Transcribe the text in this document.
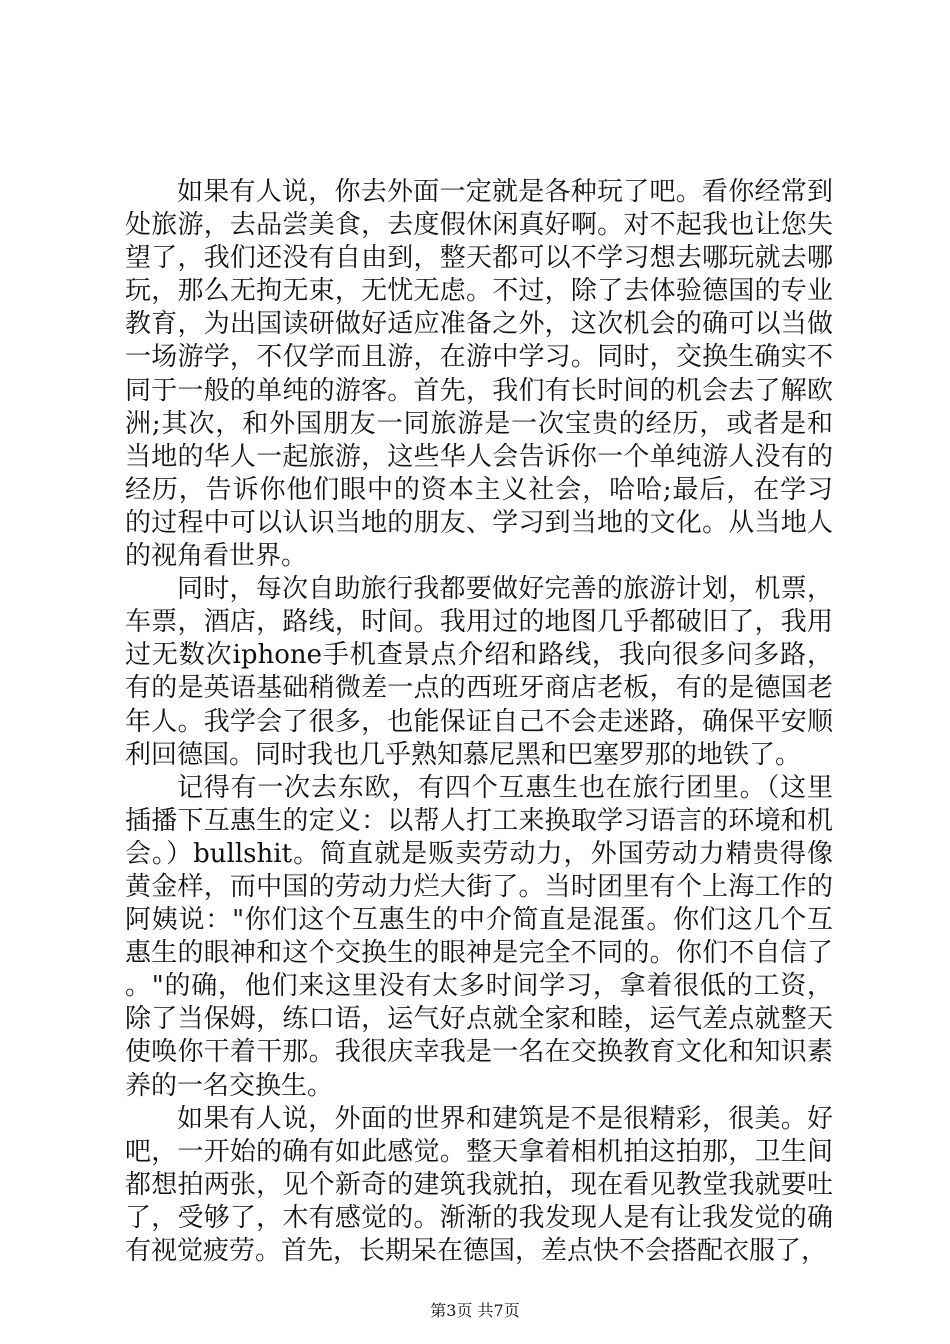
如果有人说，你去外面一定就是各种玩了吧。看你经常到处旅游，去品尝美食，去度假休闲真好啊。对不起我也让您失望了，我们还没有自由到，整天都可以不学习想去哪玩就去哪玩，那么无拘无束，无忧无虑。不过，除了去体验德国的专业教育，为出国读研做好适应准备之外，这次机会的确可以当做一场游学，不仅学而且游，在游中学习。同时，交换生确实不同于一般的单纯的游客。首先，我们有长时间的机会去了解欧洲;其次，和外国朋友一同旅游是一次宝贵的经历，或者是和当地的华人一起旅游，这些华人会告诉你一个单纯游人没有的经历，告诉你他们眼中的资本主义社会，哈哈;最后，在学习的过程中可以认识当地的朋友、学习到当地的文化。从当地人的视角看世界。

同时，每次自助旅行我都要做好完善的旅游计划，机票，车票，酒店，路线，时间。我用过的地图几乎都破旧了，我用过无数次iphone手机查景点介绍和路线，我向很多问多路，有的是英语基础稍微差一点的西班牙商店老板，有的是德国老年人。我学会了很多，也能保证自己不会走迷路，确保平安顺利回德国。同时我也几乎熟知慕尼黑和巴塞罗那的地铁了。

记得有一次去东欧，有四个互惠生也在旅行团里。（这里插播下互惠生的定义：以帮人打工来换取学习语言的环境和机会。）bullshit。简直就是贩卖劳动力，外国劳动力精贵得像黄金样，而中国的劳动力烂大街了。当时团里有个上海工作的阿姨说："你们这个互惠生的中介简直是混蛋。你们这几个互惠生的眼神和这个交换生的眼神是完全不同的。你们不自信了。"的确，他们来这里没有太多时间学习，拿着很低的工资，除了当保姆，练口语，运气好点就全家和睦，运气差点就整天使唤你干着干那。我很庆幸我是一名在交换教育文化和知识素养的一名交换生。

如果有人说，外面的世界和建筑是不是很精彩，很美。好吧，一开始的确有如此感觉。整天拿着相机拍这拍那，卫生间都想拍两张，见个新奇的建筑我就拍，现在看见教堂我就要吐了，受够了，木有感觉的。渐渐的我发现人是有让我发觉的确有视觉疲劳。首先，长期呆在德国，差点快不会搭配衣服了，

第3页 共7页
